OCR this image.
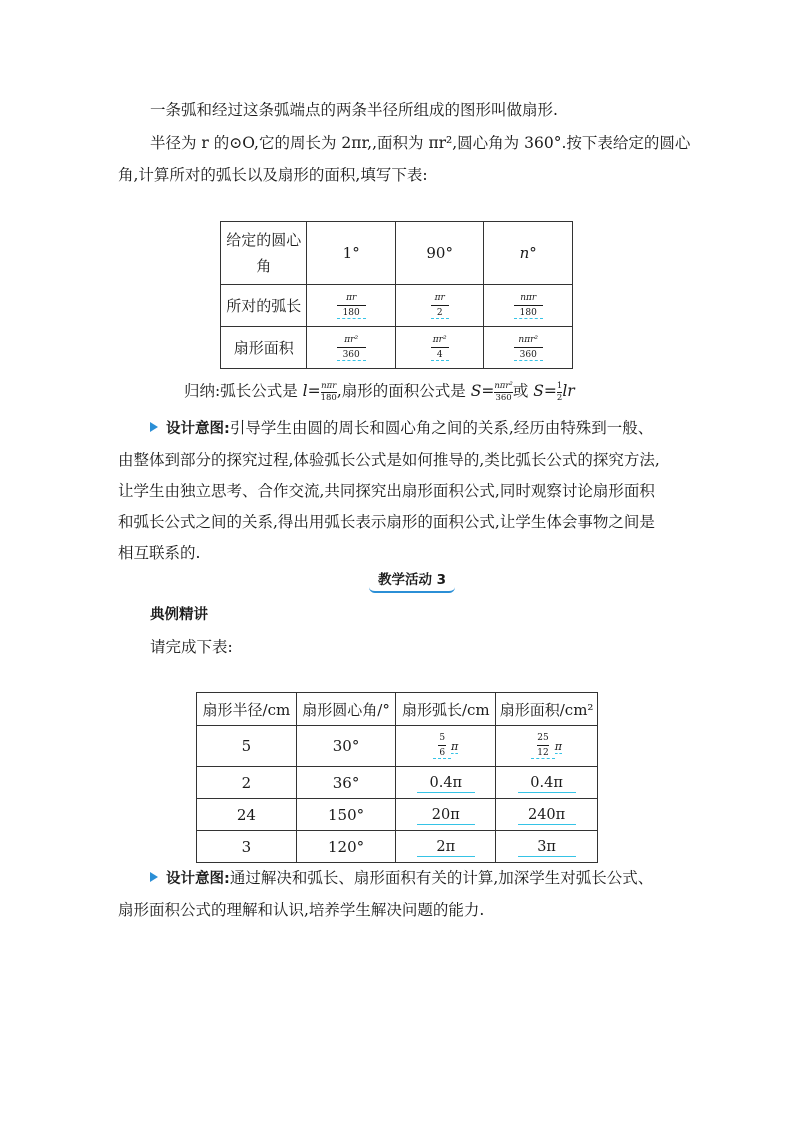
一条弧和经过这条弧端点的两条半径所组成的图形叫做扇形.

半径为 r 的⊙O,它的周长为 2πr,,面积为 πr²,圆心角为 360°.按下表给定的圆心

角,计算所对的弧长以及扇形的面积,填写下表:

给定的圆心
角	1°	90°	n°
所对的弧长	$\frac{\pi r}{180}$	$\frac{\pi r}{2}$	$\frac{\text{nπr}}{180}$

扇形面积	$\frac{\text{πr²}}{360}$	$\frac{\text{πr²}}{4}$	$\frac{\text{nπr²}}{360}$

归纳:弧长公式是 l= nπr
180 ,扇形的面积公式是 S= nπr²
360 或 $S= \frac{1}{2}$ lr

设计意图:引导学生由圆的周长和圆心角之间的关系,经历由特殊到一般、

由整体到部分的探究过程,体验弧长公式是如何推导的,类比弧长公式的探究方法,

让学生由独立思考、合作交流,共同探究出扇形面积公式,同时观察讨论扇形面积

和弧长公式之间的关系,得出用弧长表示扇形的面积公式,让学生体会事物之间是

相互联系的.

教学活动 3

典例精讲

请完成下表:

扇形半径/cm	扇形圆心角/°	扇形弧长/cm	扇形面积/cm²
5	30°	$\frac{5}{6}$ π	$\frac{25}{12}$ π
2	36°	0.4π	0.4π
24	150°	20π	240π
3	120°	2π	3π

设计意图:通过解决和弧长、扇形面积有关的计算,加深学生对弧长公式、

扇形面积公式的理解和认识,培养学生解决问题的能力.
